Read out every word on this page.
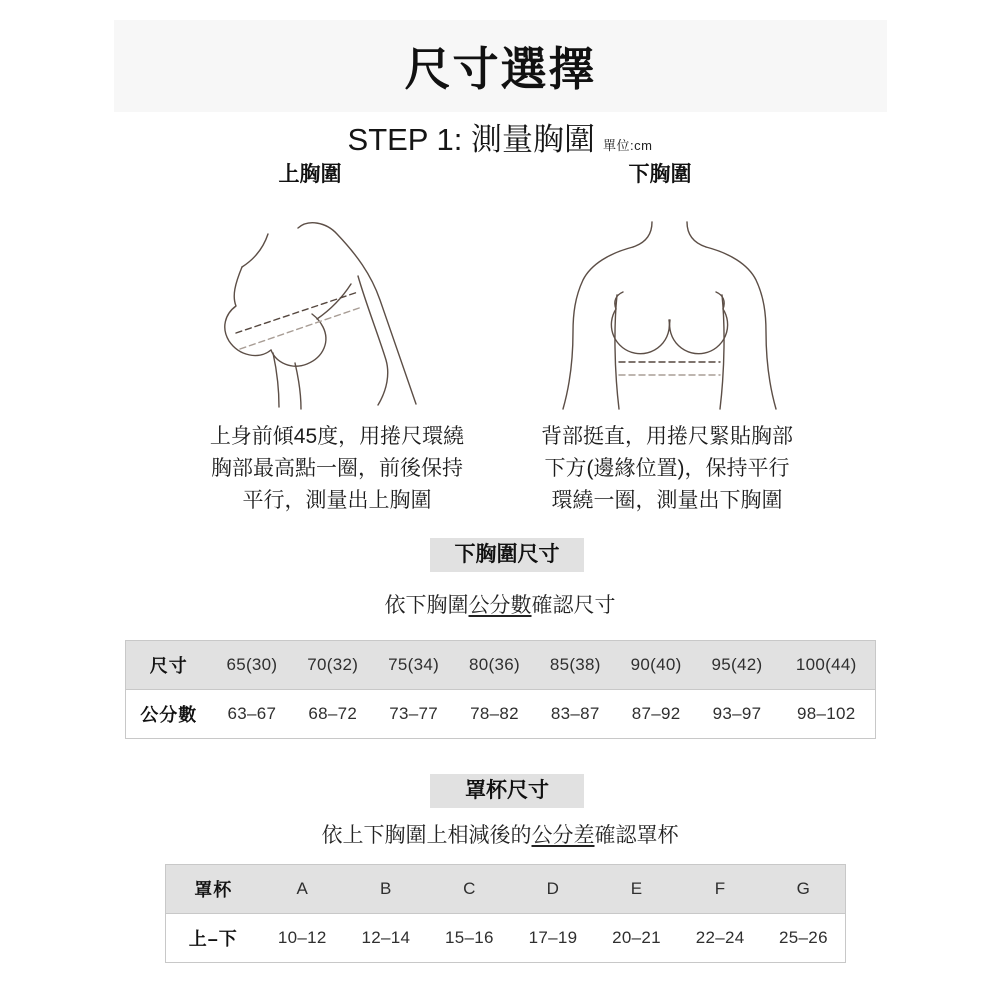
尺寸選擇
STEP 1: 測量胸圍 單位:cm
上胸圍	下胸圍
上身前傾45度，用捲尺環繞
胸部最高點一圈，前後保持
平行，測量出上胸圍
背部挺直，用捲尺緊貼胸部
下方(邊緣位置)，保持平行
環繞一圈，測量出下胸圍
下胸圍尺寸
依下胸圍公分數確認尺寸
尺寸	65(30)	70(32)	75(34)	80(36)	85(38)	90(40)	95(42)	100(44)
公分數	63–67	68–72	73–77	78–82	83–87	87–92	93–97	98–102
罩杯尺寸
依上下胸圍上相減後的公分差確認罩杯
罩杯	A	B	C	D	E	F	G
上–下	10–12	12–14	15–16	17–19	20–21	22–24	25–26
